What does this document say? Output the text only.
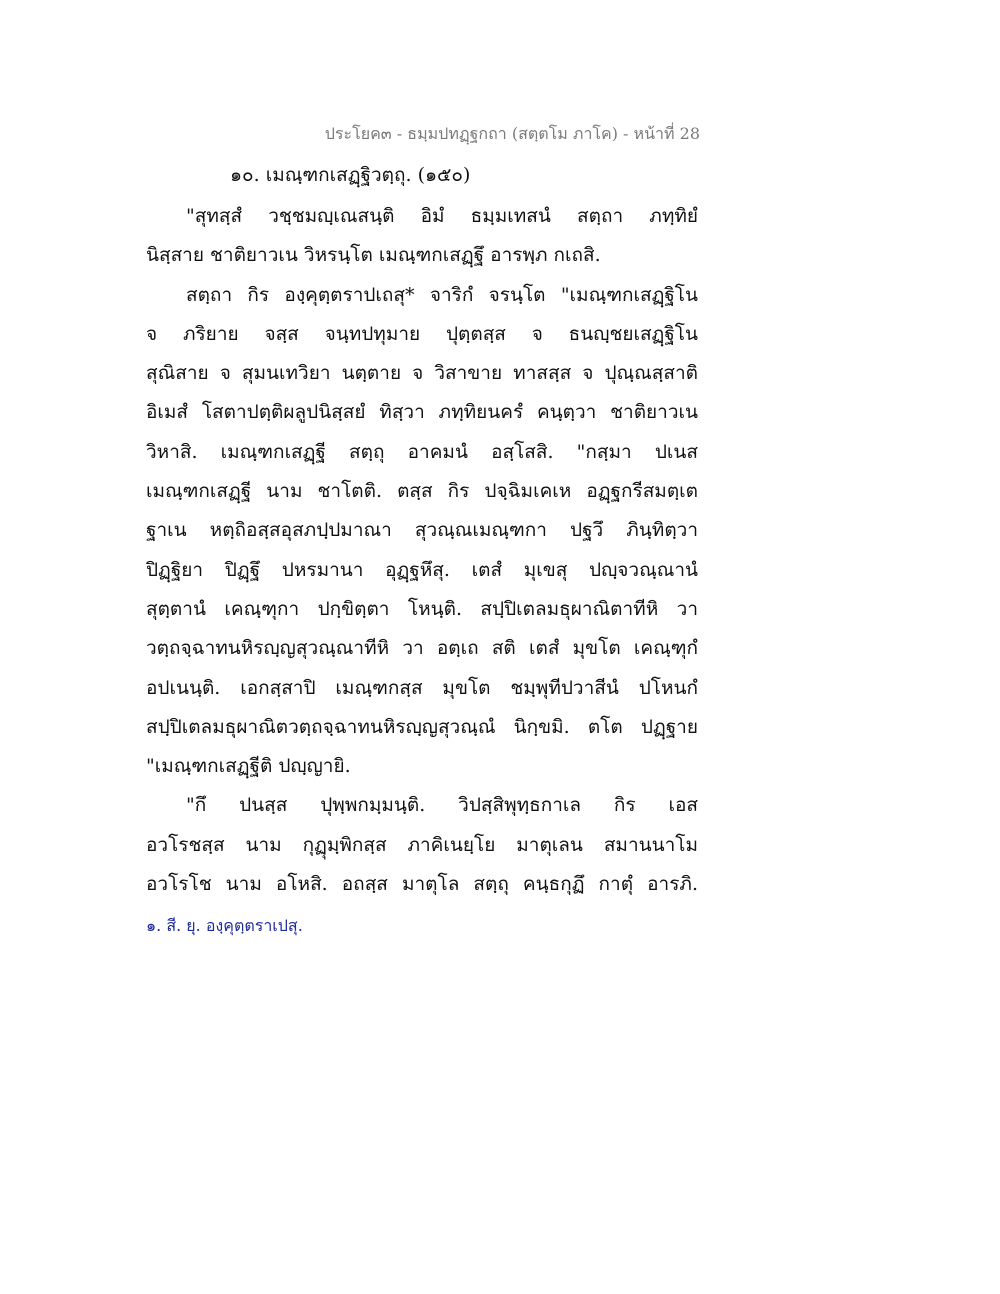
ประโยค๓ - ธมฺมปทฏฺฐกถา (สตฺตโม ภาโค) - หน้าที่ 28
๑๐. เมณฺฑกเสฏฺฐิวตฺถุ. (๑๕๐)
"สุทสฺสํ วชฺชมญฺเณสนฺติ อิมํ ธมฺมเทสนํ สตฺถา ภทฺทิยํ
นิสฺสาย ชาติยาวเน วิหรนฺโต เมณฺฑกเสฏฺฐึ อารพฺภ กเถสิ.
สตฺถา กิร องฺคุตฺตราปเถสุ* จาริกํ จรนฺโต "เมณฺฑกเสฏฺฐิโน
จ ภริยาย จสฺส จนฺทปทุมาย ปุตฺตสฺส จ ธนญฺชยเสฏฺฐิโน
สุณิสาย จ สุมนเทวิยา นตฺตาย จ วิสาขาย ทาสสฺส จ ปุณฺณสฺสาติ
อิเมสํ โสตาปตฺติผลูปนิสฺสยํ ทิสฺวา ภทฺทิยนครํ คนฺตฺวา ชาติยาวเน
วิหาสิ. เมณฺฑกเสฏฺฐี สตฺถุ อาคมนํ อสฺโสสิ. "กสฺมา ปเนส
เมณฺฑกเสฏฺฐี นาม ชาโตติ. ตสฺส กิร ปจฺฉิมเคเห อฏฺฐกรีสมตฺเต
ฐาเน หตฺถิอสฺสอุสภปฺปมาณา สุวณฺณเมณฺฑกา ปฐวึ ภินฺทิตฺวา
ปิฏฺฐิยา ปิฏฺฐึ ปหรมานา อุฏฺฐหึสุ. เตสํ มุเขสุ ปญฺจวณฺณานํ
สุตฺตานํ เคณฺฑุกา ปกฺขิตฺตา โหนฺติ. สปฺปิเตลมธุผาณิตาทีหิ วา
วตฺถจฺฉาทนหิรญฺญสุวณฺณาทีหิ วา อตฺเถ สติ เตสํ มุขโต เคณฺฑุกํ
อปเนนฺติ. เอกสฺสาปิ เมณฺฑกสฺส มุขโต ชมฺพุทีปวาสีนํ ปโหนกํ
สปฺปิเตลมธุผาณิตวตฺถจฺฉาทนหิรญฺญสุวณฺณํ นิกฺขมิ. ตโต ปฏฺฐาย
"เมณฺฑกเสฏฺฐีติ ปญฺญายิ.
"กึ ปนสฺส ปุพฺพกมฺมนฺติ. วิปสฺสิพุทฺธกาเล กิร เอส
อวโรชสฺส นาม กุฏุมฺพิกสฺส ภาคิเนยฺโย มาตุเลน สมานนาโม
อวโรโช นาม อโหสิ. อถสฺส มาตุโล สตฺถุ คนฺธกุฏึ กาตุํ อารภิ.
๑. สี. ยุ. องฺคุตฺตราเปสุ.
